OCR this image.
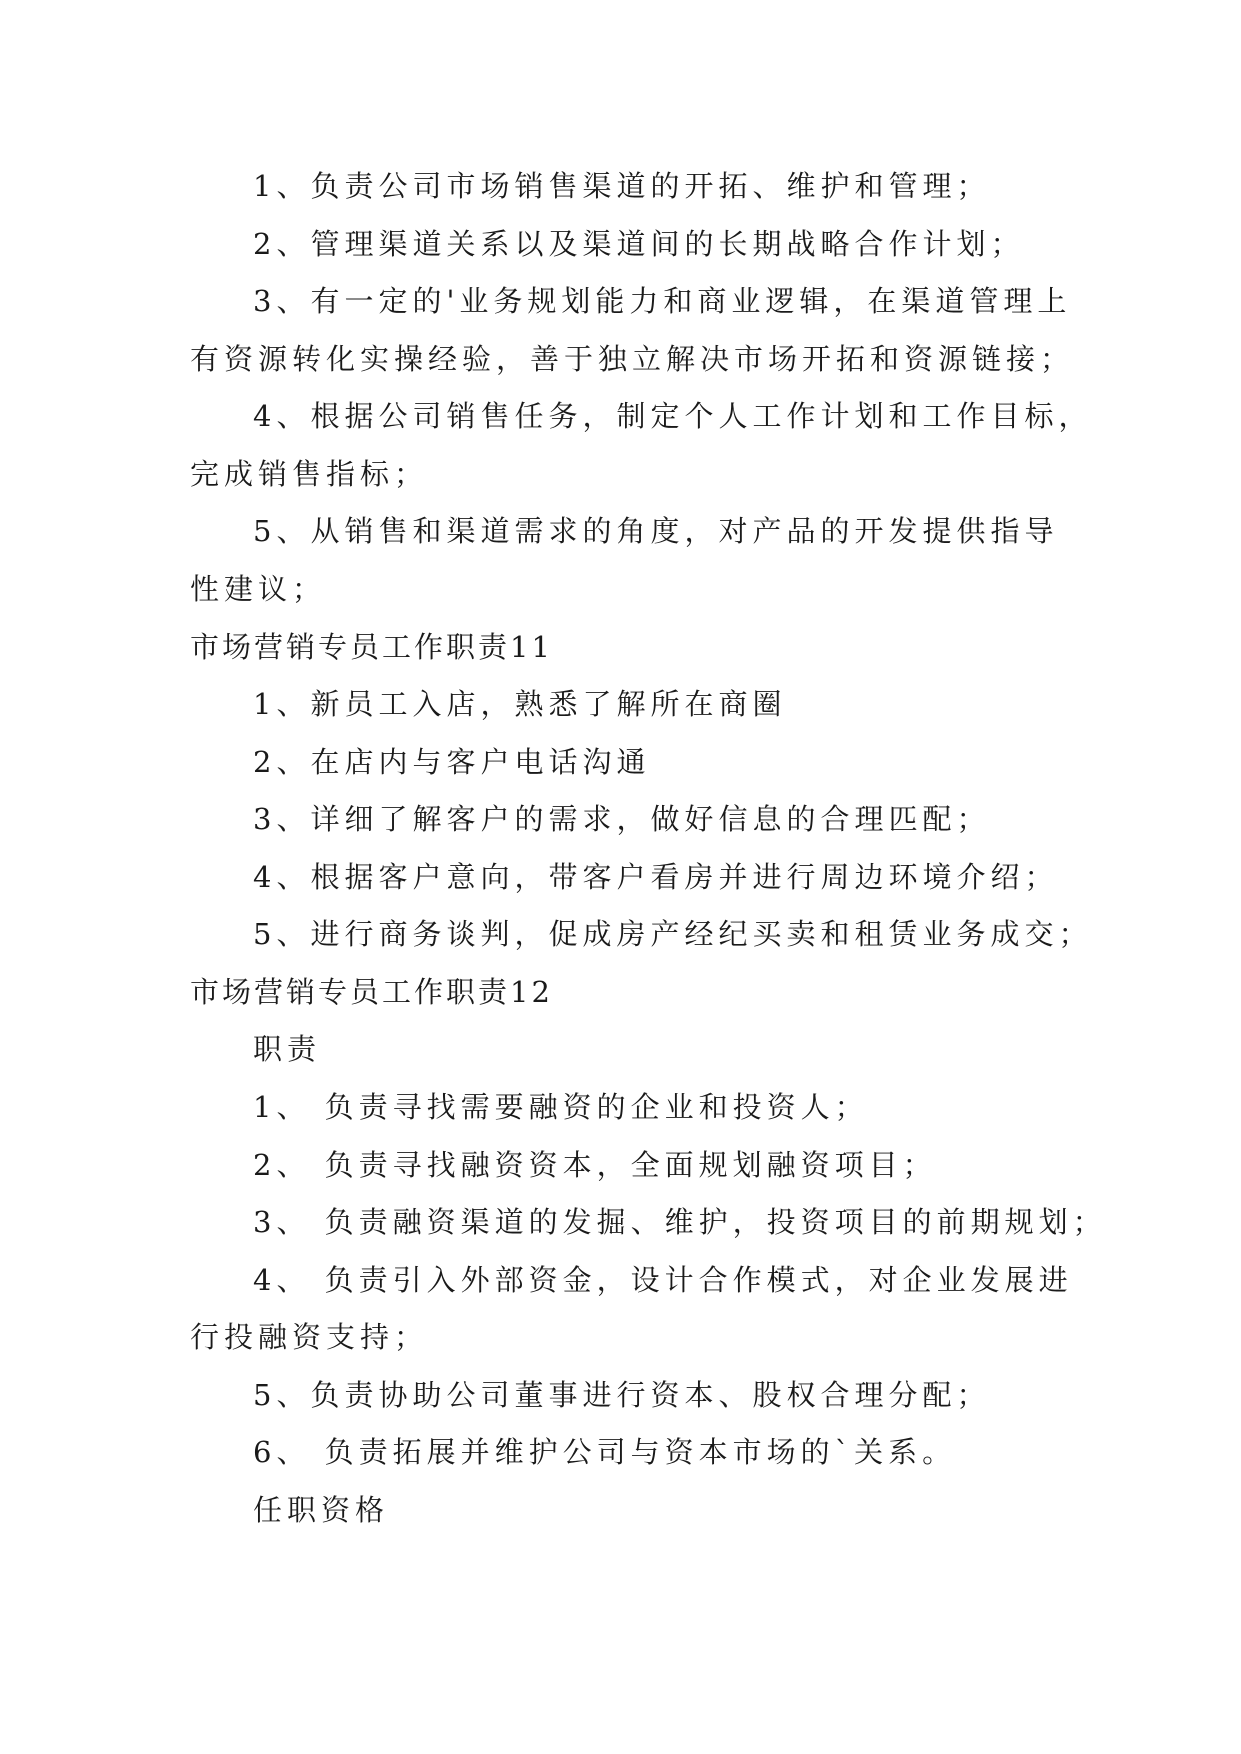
1、负责公司市场销售渠道的开拓、维护和管理；
2、管理渠道关系以及渠道间的长期战略合作计划；
3、有一定的'业务规划能力和商业逻辑，在渠道管理上
有资源转化实操经验，善于独立解决市场开拓和资源链接；
4、根据公司销售任务，制定个人工作计划和工作目标，
完成销售指标；
5、从销售和渠道需求的角度，对产品的开发提供指导
性建议；
市场营销专员工作职责11
1、新员工入店，熟悉了解所在商圈
2、在店内与客户电话沟通
3、详细了解客户的需求，做好信息的合理匹配；
4、根据客户意向，带客户看房并进行周边环境介绍；
5、进行商务谈判，促成房产经纪买卖和租赁业务成交；
市场营销专员工作职责12
职责
1、 负责寻找需要融资的企业和投资人；
2、 负责寻找融资资本，全面规划融资项目；
3、 负责融资渠道的发掘、维护，投资项目的前期规划；
4、 负责引入外部资金，设计合作模式，对企业发展进
行投融资支持；
5、负责协助公司董事进行资本、股权合理分配；
6、 负责拓展并维护公司与资本市场的`关系。
任职资格
